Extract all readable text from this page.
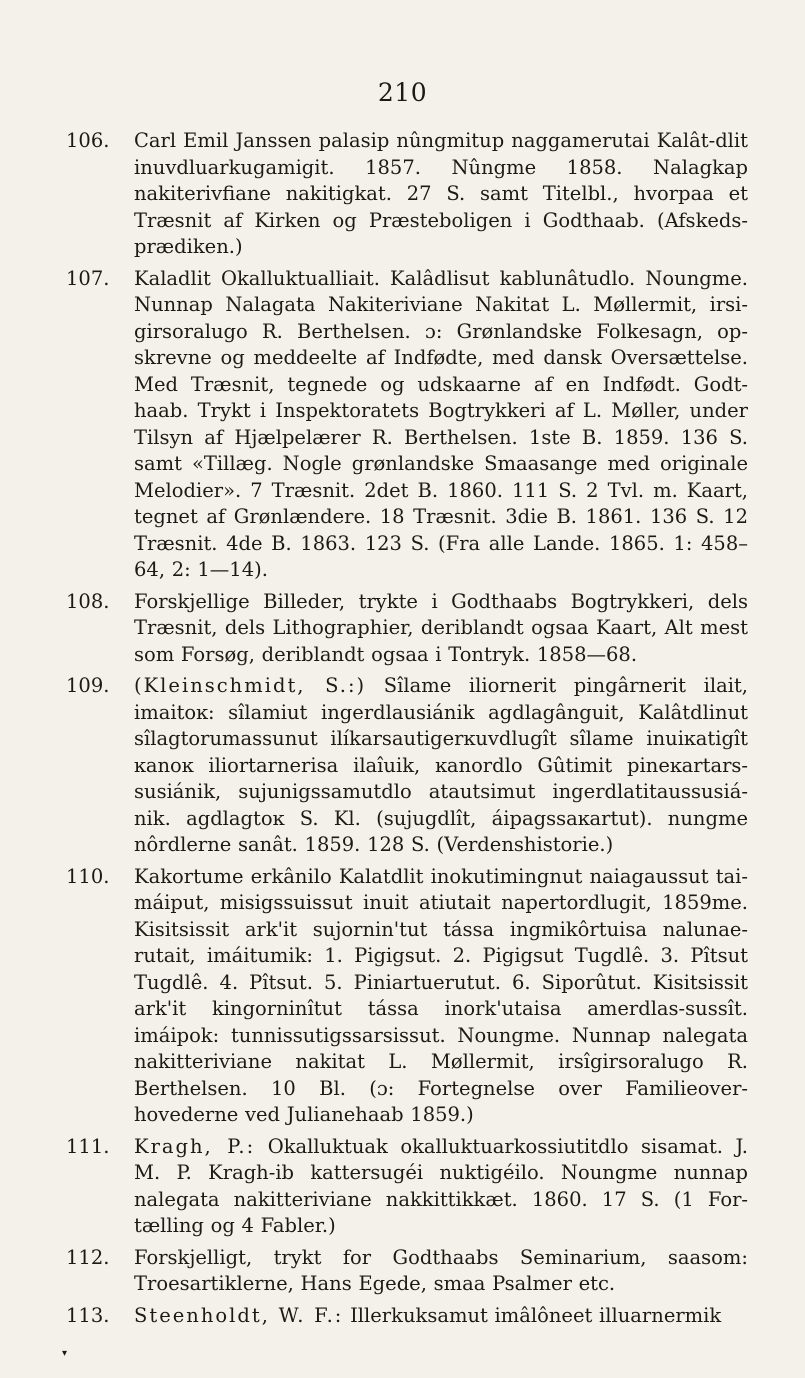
210
106.	Carl Emil Janssen palasip nûngmitup naggamerutai Kalât-dlit inuvdluarkugamigit. 1857. Nûngme 1858. Nalagkap nakiterivfiane nakitigkat. 27 S. samt Titelbl., hvorpaa et Træsnit af Kirken og Præsteboligen i Godthaab. (Afskeds-prædiken.)
107.	Kaladlit Okalluktualliait. Kalâdlisut kablunâtudlo. Noungme. Nunnap Nalagata Nakiteriviane Nakitat L. Møllermit, irsi-girsoralugo R. Berthelsen. ɔ: Grønlandske Folkesagn, op-skrevne og meddeelte af Indfødte, med dansk Oversættelse. Med Træsnit, tegnede og udskaarne af en Indfødt. Godt-haab. Trykt i Inspektoratets Bogtrykkeri af L. Møller, under Tilsyn af Hjælpelærer R. Berthelsen. 1ste B. 1859. 136 S. samt «Tillæg. Nogle grønlandske Smaasange med originale Melodier». 7 Træsnit. 2det B. 1860. 111 S. 2 Tvl. m. Kaart, tegnet af Grønlændere. 18 Træsnit. 3die B. 1861. 136 S. 12 Træsnit. 4de B. 1863. 123 S. (Fra alle Lande. 1865. 1: 458–64, 2: 1—14).
108.	Forskjellige Billeder, trykte i Godthaabs Bogtrykkeri, dels Træsnit, dels Lithographier, deriblandt ogsaa Kaart, Alt mest som Forsøg, deriblandt ogsaa i Tontryk. 1858—68.
109.	(Kleinschmidt, S.:) Sîlame iliornerit pingârnerit ilait, imaitoĸ: sîlamiut ingerdlausiánik agdlagânguit, Kalâtdlinut sîlagtorumassunut ilíkarsautigerĸuvdlugît sîlame inuiĸatigît ĸanoĸ iliortarnerisa ilaîuik, ĸanordlo Gûtimit pineĸartars-susiánik, sujunigssamutdlo atautsimut ingerdlatitaussusiá-nik. agdlagtoĸ S. Kl. (sujugdlît, áipagssaĸartut). nungme nôrdlerne sanât. 1859. 128 S. (Verdenshistorie.)
110.	Kakortume erkânilo Kalatdlit inokutimingnut naiagaussut tai-máiput, misigssuissut inuit atiutait napertordlugit, 1859me. Kisitsissit ark'it sujornin'tut tássa ingmikôrtuisa nalunae-rutait, imáitumik: 1. Pigigsut. 2. Pigigsut Tugdlê. 3. Pîtsut Tugdlê. 4. Pîtsut. 5. Piniartuerutut. 6. Siporûtut. Kisitsissit ark'it kingorninîtut tássa inork'utaisa amerdlas-sussît. imáipok: tunnissutigssarsissut. Noungme. Nunnap nalegata nakitteriviane nakitat L. Møllermit, irsîgirsoralugo R. Berthelsen. 10 Bl. (ɔ: Fortegnelse over Familieover-hovederne ved Julianehaab 1859.)
111.	Kragh, P.: Okalluktuak okalluktuarkossiutitdlo sisamat. J. M. P. Kragh-ib kattersugéi nuktigéilo. Noungme nunnap nalegata nakitteriviane nakkittikkæt. 1860. 17 S. (1 For-tælling og 4 Fabler.)
112.	Forskjelligt, trykt for Godthaabs Seminarium, saasom: Troesartiklerne, Hans Egede, smaa Psalmer etc.
113.	Steenholdt, W. F.: Illerkuksamut imâlôneet illuarnermik
▾
